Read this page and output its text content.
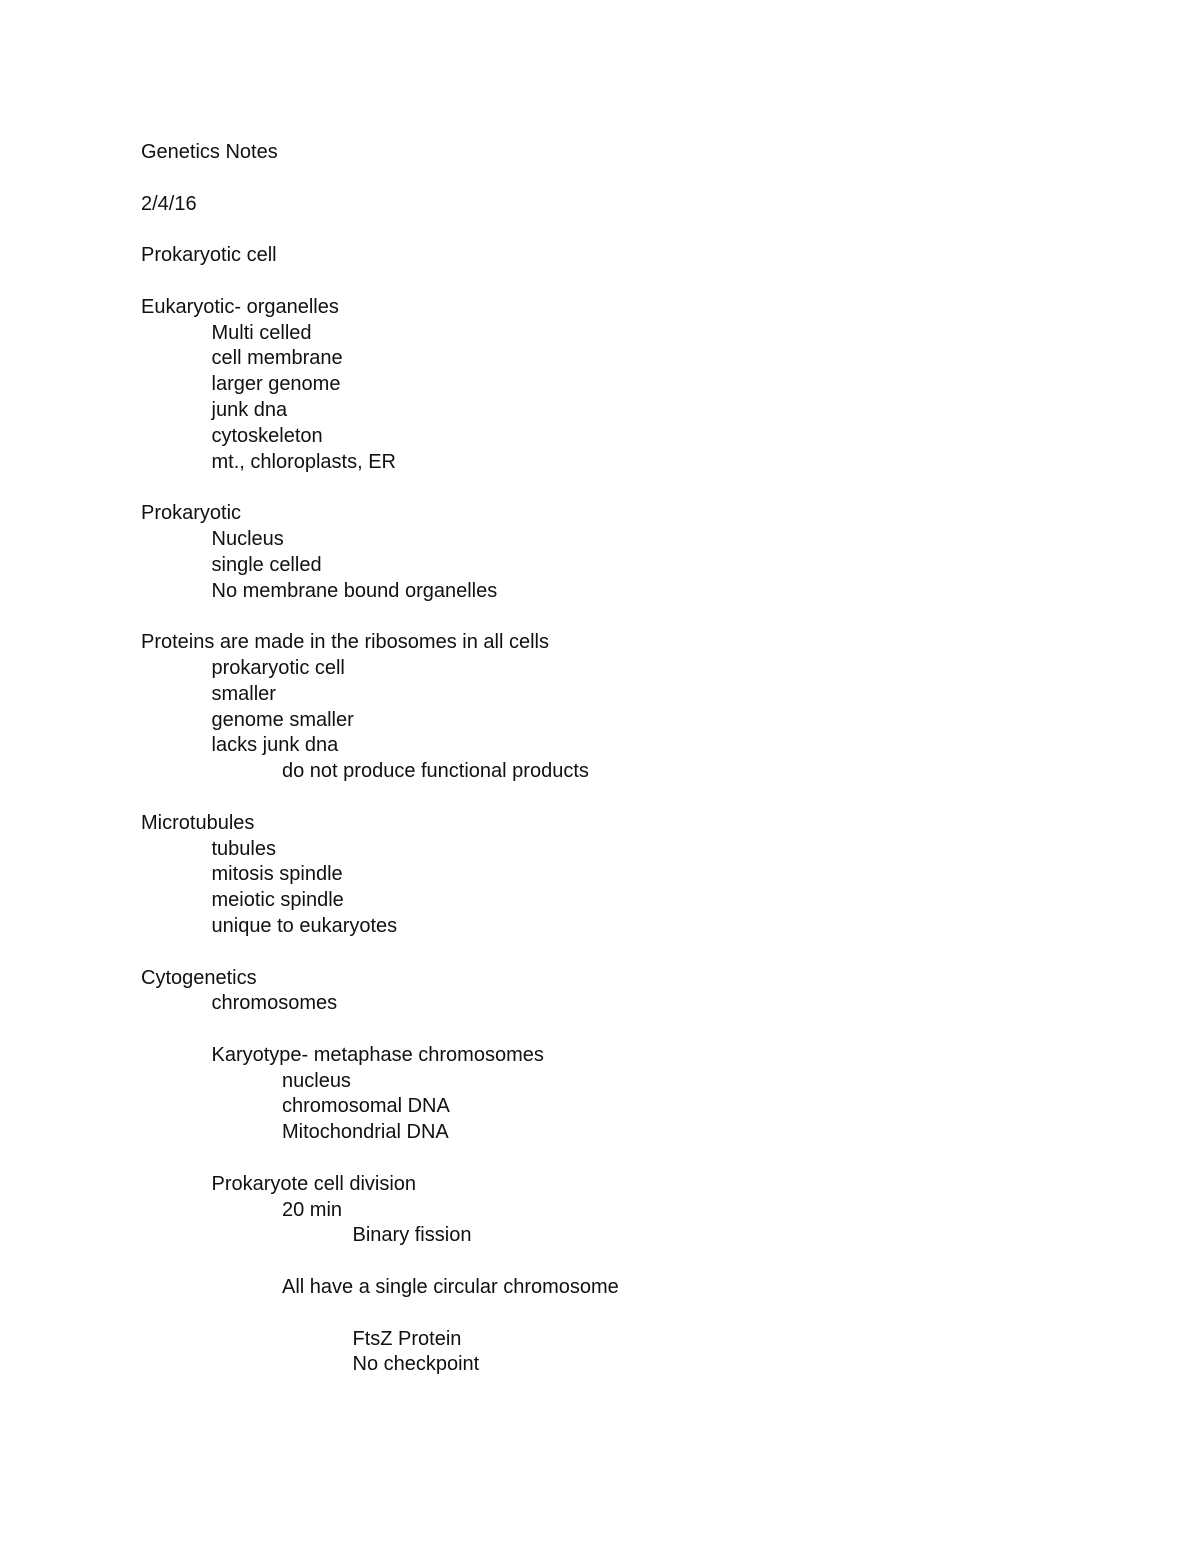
Genetics Notes
2/4/16
Prokaryotic cell
Eukaryotic- organelles
Multi celled
cell membrane
larger genome
junk dna
cytoskeleton
mt., chloroplasts, ER
Prokaryotic
Nucleus
single celled
No membrane bound organelles
Proteins are made in the ribosomes in all cells
prokaryotic cell
smaller
genome smaller
lacks junk dna
do not produce functional products
Microtubules
tubules
mitosis spindle
meiotic spindle
unique to eukaryotes
Cytogenetics
chromosomes
Karyotype- metaphase chromosomes
nucleus
chromosomal DNA
Mitochondrial DNA
Prokaryote cell division
20 min
Binary fission
All have a single circular chromosome
FtsZ Protein
No checkpoint
